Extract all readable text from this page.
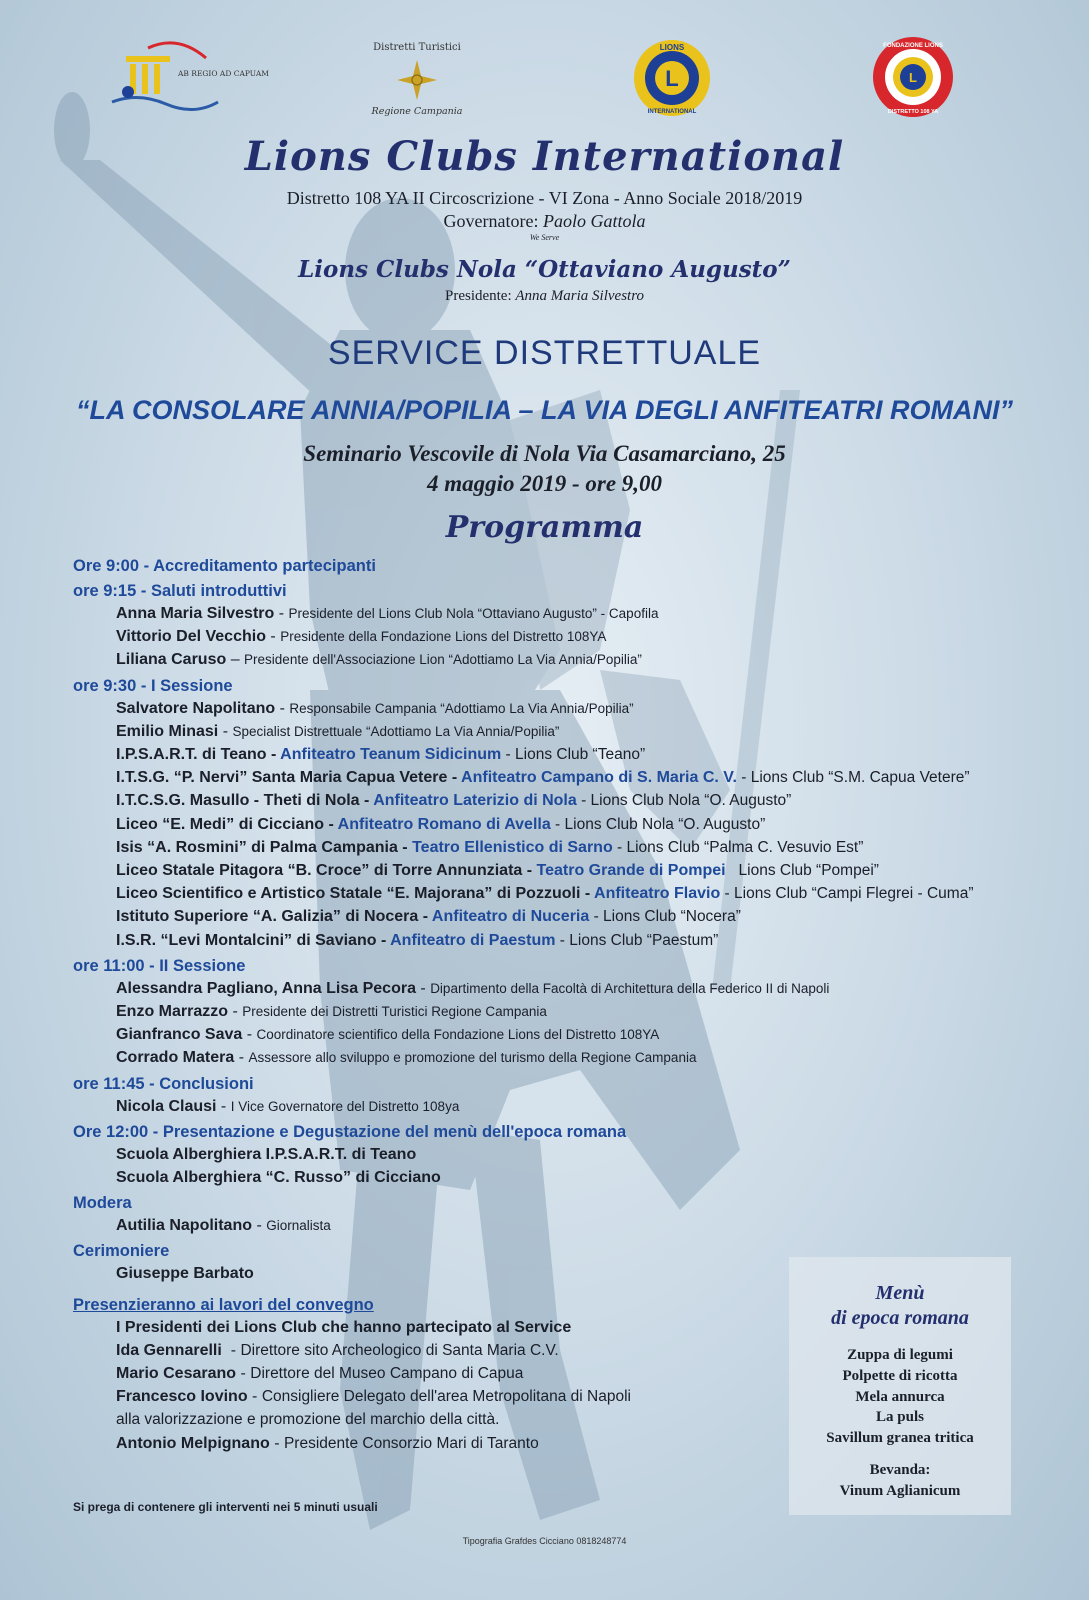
AB REGIO AD CAPUAM
Distretti Turistici
Regione Campania
L
LIONS
INTERNATIONAL
L
FONDAZIONE LIONS
DISTRETTO 108 YA
Lions Clubs International
Distretto 108 YA II Circoscrizione - VI Zona - Anno Sociale 2018/2019
Governatore: Paolo Gattola
We Serve
Lions Clubs Nola “Ottaviano Augusto”
Presidente: Anna Maria Silvestro
SERVICE DISTRETTUALE
“LA CONSOLARE ANNIA/POPILIA – LA VIA DEGLI ANFITEATRI ROMANI”
Seminario Vescovile di Nola Via Casamarciano, 25
4 maggio 2019 - ore 9,00
Programma
Ore 9:00 - Accreditamento partecipanti
ore 9:15 - Saluti introduttivi
Anna Maria Silvestro - Presidente del Lions Club Nola “Ottaviano Augusto” - Capofila
Vittorio Del Vecchio - Presidente della Fondazione Lions del Distretto 108YA
Liliana Caruso – Presidente dell'Associazione Lion “Adottiamo La Via Annia/Popilia”
ore 9:30 - I Sessione
Salvatore Napolitano - Responsabile Campania “Adottiamo La Via Annia/Popilia”
Emilio Minasi - Specialist Distrettuale “Adottiamo La Via Annia/Popilia”
I.P.S.A.R.T. di Teano - Anfiteatro Teanum Sidicinum - Lions Club “Teano”
I.T.S.G. “P. Nervi” Santa Maria Capua Vetere - Anfiteatro Campano di S. Maria C. V. - Lions Club “S.M. Capua Vetere”
I.T.C.S.G. Masullo - Theti di Nola - Anfiteatro Laterizio di Nola - Lions Club Nola “O. Augusto”
Liceo “E. Medi” di Cicciano - Anfiteatro Romano di Avella - Lions Club Nola “O. Augusto”
Isis “A. Rosmini” di Palma Campania - Teatro Ellenistico di Sarno - Lions Club “Palma C. Vesuvio Est”
Liceo Statale Pitagora “B. Croce” di Torre Annunziata - Teatro Grande di Pompei   Lions Club “Pompei”
Liceo Scientifico e Artistico Statale “E. Majorana” di Pozzuoli - Anfiteatro Flavio - Lions Club “Campi Flegrei - Cuma”
Istituto Superiore “A. Galizia” di Nocera - Anfiteatro di Nuceria - Lions Club “Nocera”
I.S.R. “Levi Montalcini” di Saviano - Anfiteatro di Paestum - Lions Club “Paestum”
ore 11:00 - II Sessione
Alessandra Pagliano, Anna Lisa Pecora - Dipartimento della Facoltà di Architettura della Federico II di Napoli
Enzo Marrazzo - Presidente dei Distretti Turistici Regione Campania
Gianfranco Sava - Coordinatore scientifico della Fondazione Lions del Distretto 108YA
Corrado Matera - Assessore allo sviluppo e promozione del turismo della Regione Campania
ore 11:45 - Conclusioni
Nicola Clausi - I Vice Governatore del Distretto 108ya
Ore 12:00 - Presentazione e Degustazione del menù dell'epoca romana
Scuola Alberghiera I.P.S.A.R.T. di Teano
Scuola Alberghiera “C. Russo” di Cicciano
Modera
Autilia Napolitano - Giornalista
Cerimoniere
Giuseppe Barbato
Presenzieranno ai lavori del convegno
I Presidenti dei Lions Club che hanno partecipato al Service
Ida Gennarelli  - Direttore sito Archeologico di Santa Maria C.V.
Mario Cesarano - Direttore del Museo Campano di Capua
Francesco Iovino - Consigliere Delegato dell'area Metropolitana di Napoli
alla valorizzazione e promozione del marchio della città.
Antonio Melpignano - Presidente Consorzio Mari di Taranto
Si prega di contenere gli interventi nei 5 minuti usuali
Tipografia Grafdes Cicciano 0818248774
Menù
di epoca romana
Zuppa di legumi
Polpette di ricotta
Mela annurca
La puls
Savillum granea tritica
Bevanda:
Vinum Aglianicum
